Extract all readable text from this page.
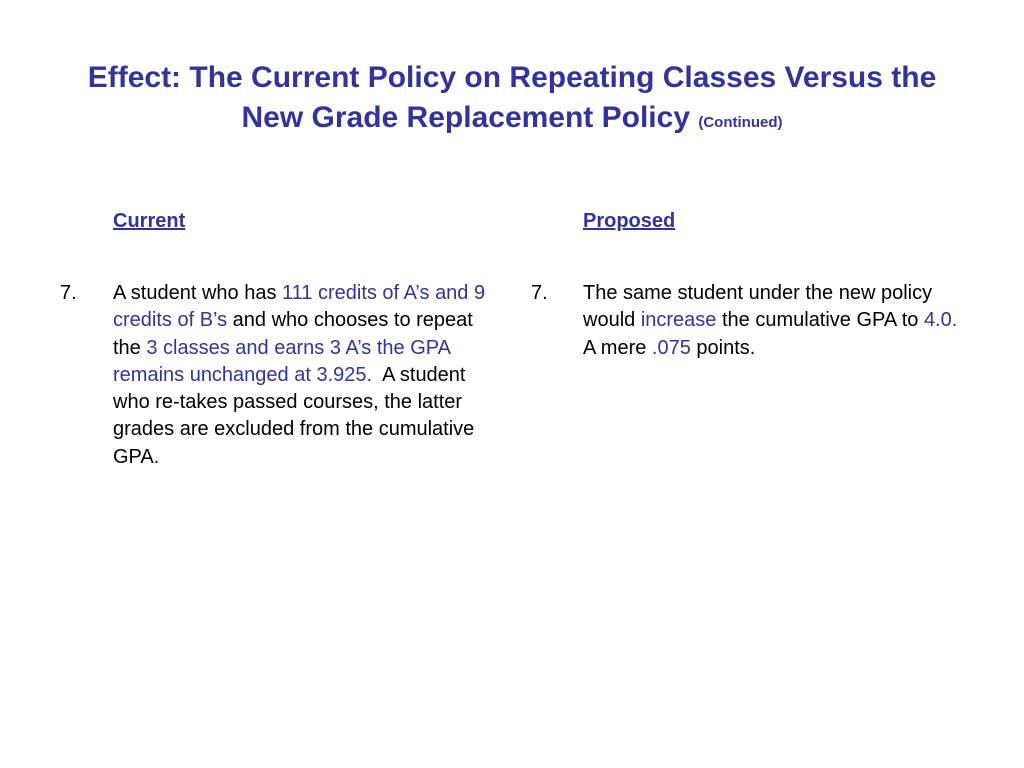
Effect: The Current Policy on Repeating Classes Versus the New Grade Replacement Policy (Continued)
Current	Proposed
7. A student who has 111 credits of A’s and 9 credits of B’s and who chooses to repeat the 3 classes and earns 3 A’s the GPA remains unchanged at 3.925.  A student who re-takes passed courses, the latter grades are excluded from the cumulative GPA.
7. The same student under the new policy would increase the cumulative GPA to 4.0. A mere .075 points.
